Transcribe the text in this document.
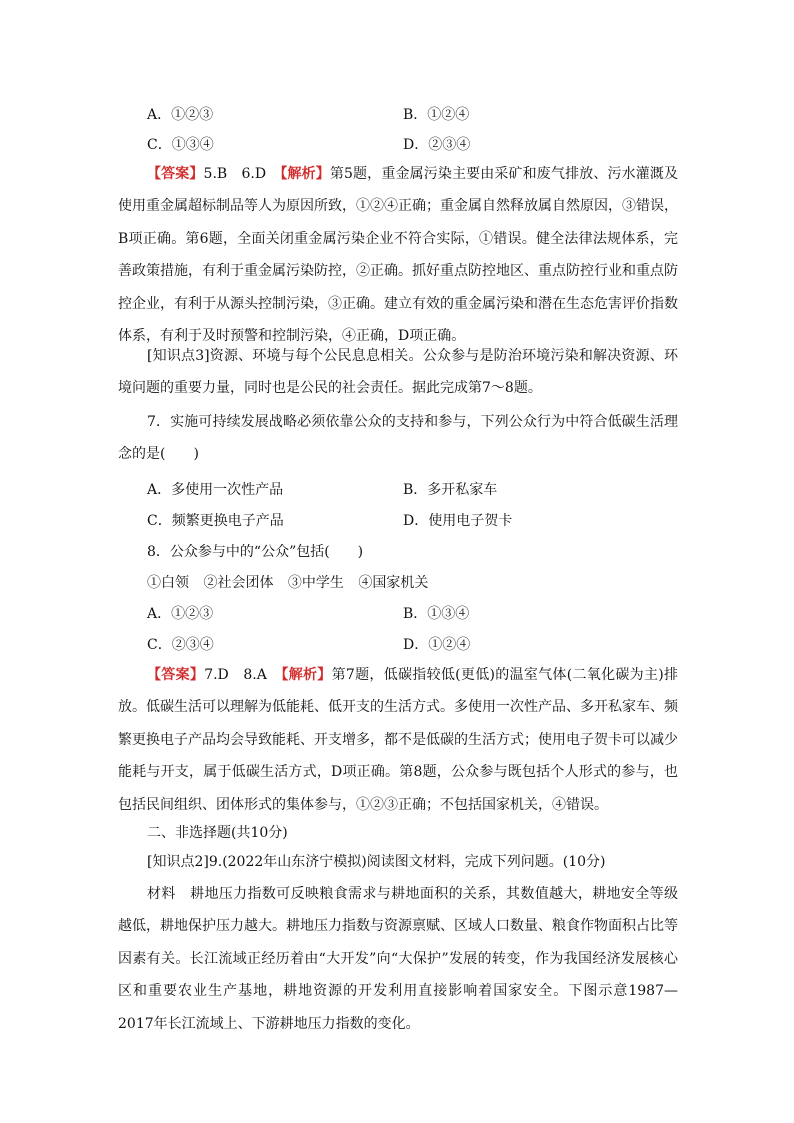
A．①②③	B．①②④
C．①③④	D．②③④

【答案】5.B　6.D　 【解析】第5题，重金属污染主要由采矿和废气排放、污水灌溉及使用重金属超标制品等人为原因所致，①②④正确；重金属自然释放属自然原因，③错误，B项正确。第6题，全面关闭重金属污染企业不符合实际，①错误。健全法律法规体系，完善政策措施，有利于重金属污染防控，②正确。抓好重点防控地区、重点防控行业和重点防控企业，有利于从源头控制污染，③正确。建立有效的重金属污染和潜在生态危害评价指数体系，有利于及时预警和控制污染，④正确，D项正确。

[知识点3]资源、环境与每个公民息息相关。公众参与是防治环境污染和解决资源、环境问题的重要力量，同时也是公民的社会责任。据此完成第7～8题。

7．实施可持续发展战略必须依靠公众的支持和参与，下列公众行为中符合低碳生活理念的是(　　)

A．多使用一次性产品	B．多开私家车
C．频繁更换电子产品	D．使用电子贺卡
8．公众参与中的“公众”包括(　　)
①白领 ②社会团体 ③中学生 ④国家机关
A．①②③	B．①③④
C．②③④	D．①②④

【答案】7.D　8.A　 【解析】第7题，低碳指较低(更低)的温室气体(二氧化碳为主)排放。低碳生活可以理解为低能耗、低开支的生活方式。多使用一次性产品、多开私家车、频繁更换电子产品均会导致能耗、开支增多，都不是低碳的生活方式；使用电子贺卡可以减少能耗与开支，属于低碳生活方式，D项正确。第8题，公众参与既包括个人形式的参与，也包括民间组织、团体形式的集体参与，①②③正确；不包括国家机关，④错误。

二、非选择题(共10分)

[知识点2]9.(2022年山东济宁模拟)阅读图文材料，完成下列问题。(10分)

材料　耕地压力指数可反映粮食需求与耕地面积的关系，其数值越大，耕地安全等级越低，耕地保护压力越大。耕地压力指数与资源禀赋、区域人口数量、粮食作物面积占比等因素有关。长江流域正经历着由“大开发”向“大保护”发展的转变，作为我国经济发展核心区和重要农业生产基地，耕地资源的开发利用直接影响着国家安全。下图示意1987—2017年长江流域上、下游耕地压力指数的变化。
